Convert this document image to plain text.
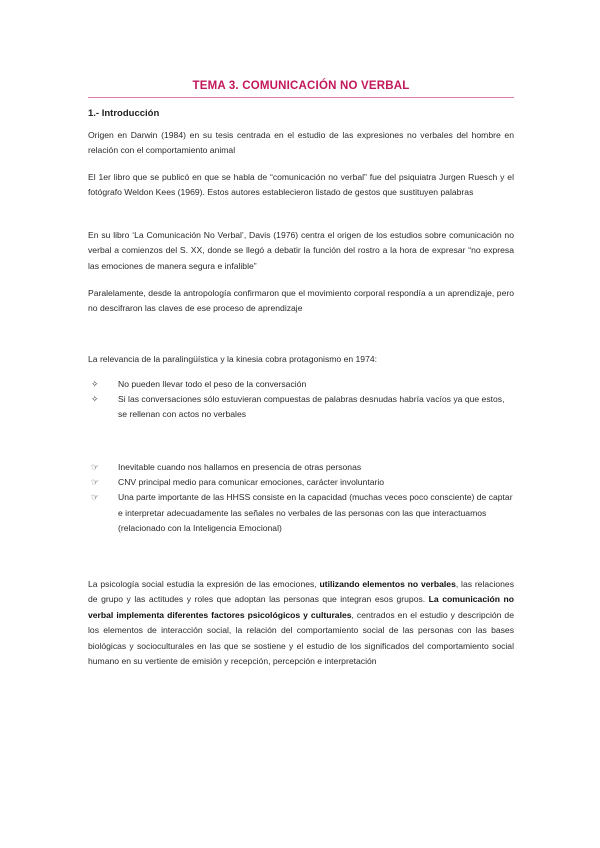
TEMA 3. COMUNICACIÓN NO VERBAL
1.- Introducción
Origen en Darwin (1984) en su tesis centrada en el estudio de las expresiones no verbales del hombre en relación con el comportamiento animal
El 1er libro que se publicó en que se habla de “comunicación no verbal” fue del psiquiatra Jurgen Ruesch y el fotógrafo Weldon Kees (1969). Estos autores establecieron listado de gestos que sustituyen palabras
En su libro ‘La Comunicación No Verbal’, Davis (1976) centra el origen de los estudios sobre comunicación no verbal a comienzos del S. XX, donde se llegó a debatir la función del rostro a la hora de expresar “no expresa las emociones de manera segura e infalible”
Paralelamente, desde la antropología confirmaron que el movimiento corporal respondía a un aprendizaje, pero no descifraron las claves de ese proceso de aprendizaje
La relevancia de la paralingüística y la kinesia cobra protagonismo en 1974:
✧	No pueden llevar todo el peso de la conversación
✧	Si las conversaciones sólo estuvieran compuestas de palabras desnudas habría vacíos ya que estos, se rellenan con actos no verbales
☞	Inevitable cuando nos hallamos en presencia de otras personas
☞	CNV principal medio para comunicar emociones, carácter involuntario
☞	Una parte importante de las HHSS consiste en la capacidad (muchas veces poco consciente) de captar e interpretar adecuadamente las señales no verbales de las personas con las que interactuamos (relacionado con la Inteligencia Emocional)
La psicología social estudia la expresión de las emociones, utilizando elementos no verbales, las relaciones de grupo y las actitudes y roles que adoptan las personas que integran esos grupos. La comunicación no verbal implementa diferentes factores psicológicos y culturales, centrados en el estudio y descripción de los elementos de interacción social, la relación del comportamiento social de las personas con las bases biológicas y socioculturales en las que se sostiene y el estudio de los significados del comportamiento social humano en su vertiente de emisión y recepción, percepción e interpretación
